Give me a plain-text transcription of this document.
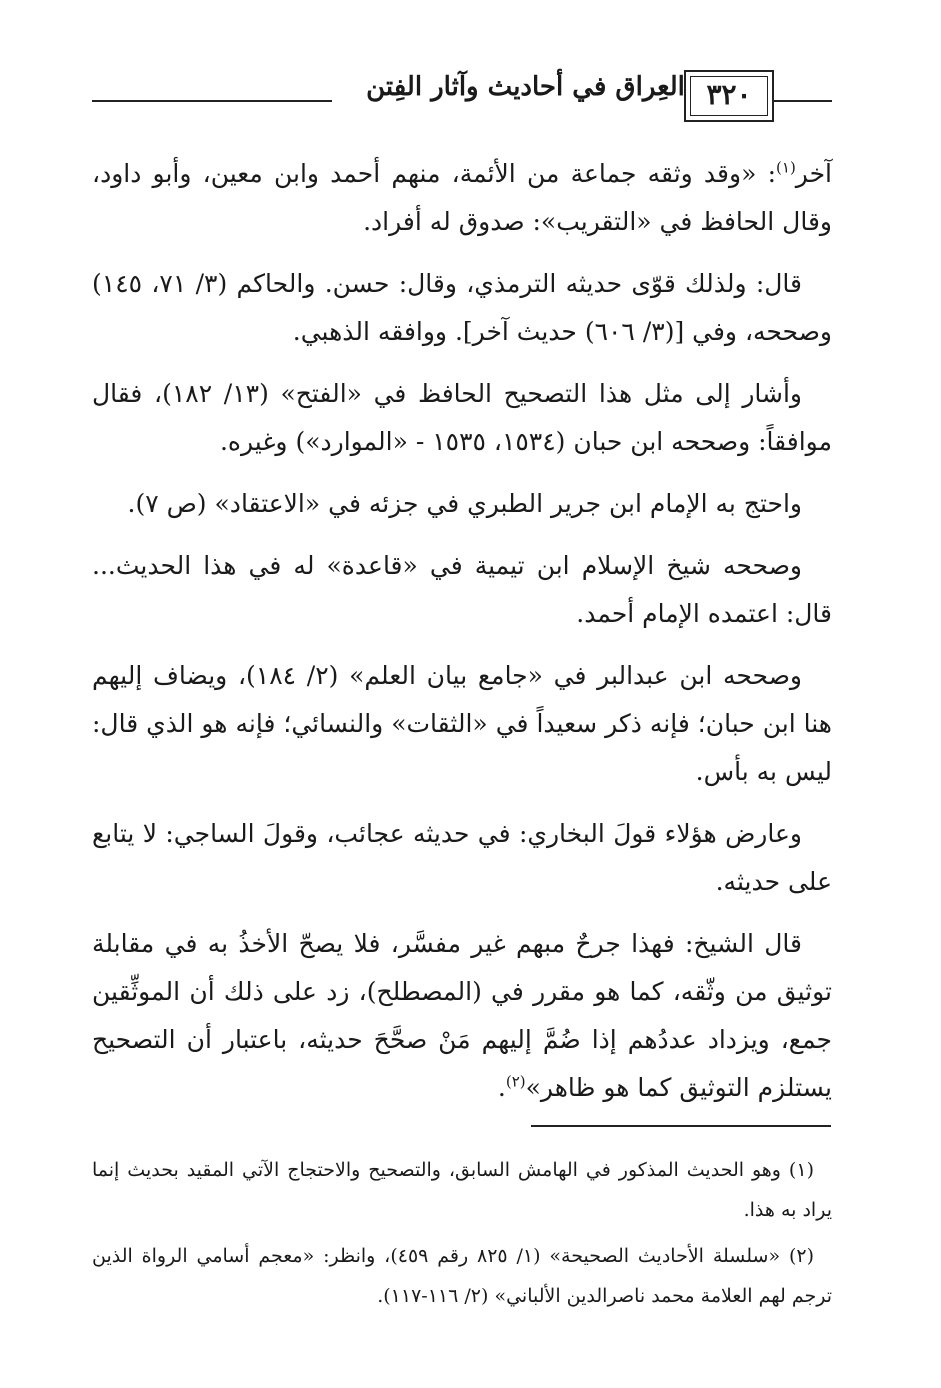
العِراق في أحاديث وآثار الفِتن ٣٢٠

آخر$^{(١)}$: «وقد وثقه جماعة من الأئمة، منهم أحمد وابن معين، وأبو داود، وقال الحافظ في «التقريب»: صدوق له أفراد.

قال: ولذلك قوّى حديثه الترمذي، وقال: حسن. والحاكم (٣/ ٧١، ١٤٥) وصححه، وفي [(٣/ ٦٠٦) حديث آخر]. ووافقه الذهبي.

وأشار إلى مثل هذا التصحيح الحافظ في «الفتح» (١٣/ ١٨٢)، فقال موافقاً: وصححه ابن حبان (١٥٣٤، ١٥٣٥ - «الموارد») وغيره.

واحتج به الإمام ابن جرير الطبري في جزئه في «الاعتقاد» (ص ٧).

وصححه شيخ الإسلام ابن تيمية في «قاعدة» له في هذا الحديث... قال: اعتمده الإمام أحمد.

وصححه ابن عبدالبر في «جامع بيان العلم» (٢/ ١٨٤)، ويضاف إليهم هنا ابن حبان؛ فإنه ذكر سعيداً في «الثقات» والنسائي؛ فإنه هو الذي قال: ليس به بأس.

وعارض هؤلاء قولَ البخاري: في حديثه عجائب، وقولَ الساجي: لا يتابع على حديثه.

قال الشيخ: فهذا جرحٌ مبهم غير مفسَّر، فلا يصحّ الأخذُ به في مقابلة توثيق من وثّقه، كما هو مقرر في (المصطلح)، زد على ذلك أن الموثِّقين جمع، ويزداد عددُهم إذا ضُمَّ إليهم مَنْ صحَّحَ حديثه، باعتبار أن التصحيح يستلزم التوثيق كما هو ظاهر»$^{(٢)}$.

(١) وهو الحديث المذكور في الهامش السابق، والتصحيح والاحتجاج الآتي المقيد بحديث إنما يراد به هذا.

(٢) «سلسلة الأحاديث الصحيحة» (١/ ٨٢٥ رقم ٤٥٩)، وانظر: «معجم أسامي الرواة الذين ترجم لهم العلامة محمد ناصرالدين الألباني» (٢/ ١١٦-١١٧).
